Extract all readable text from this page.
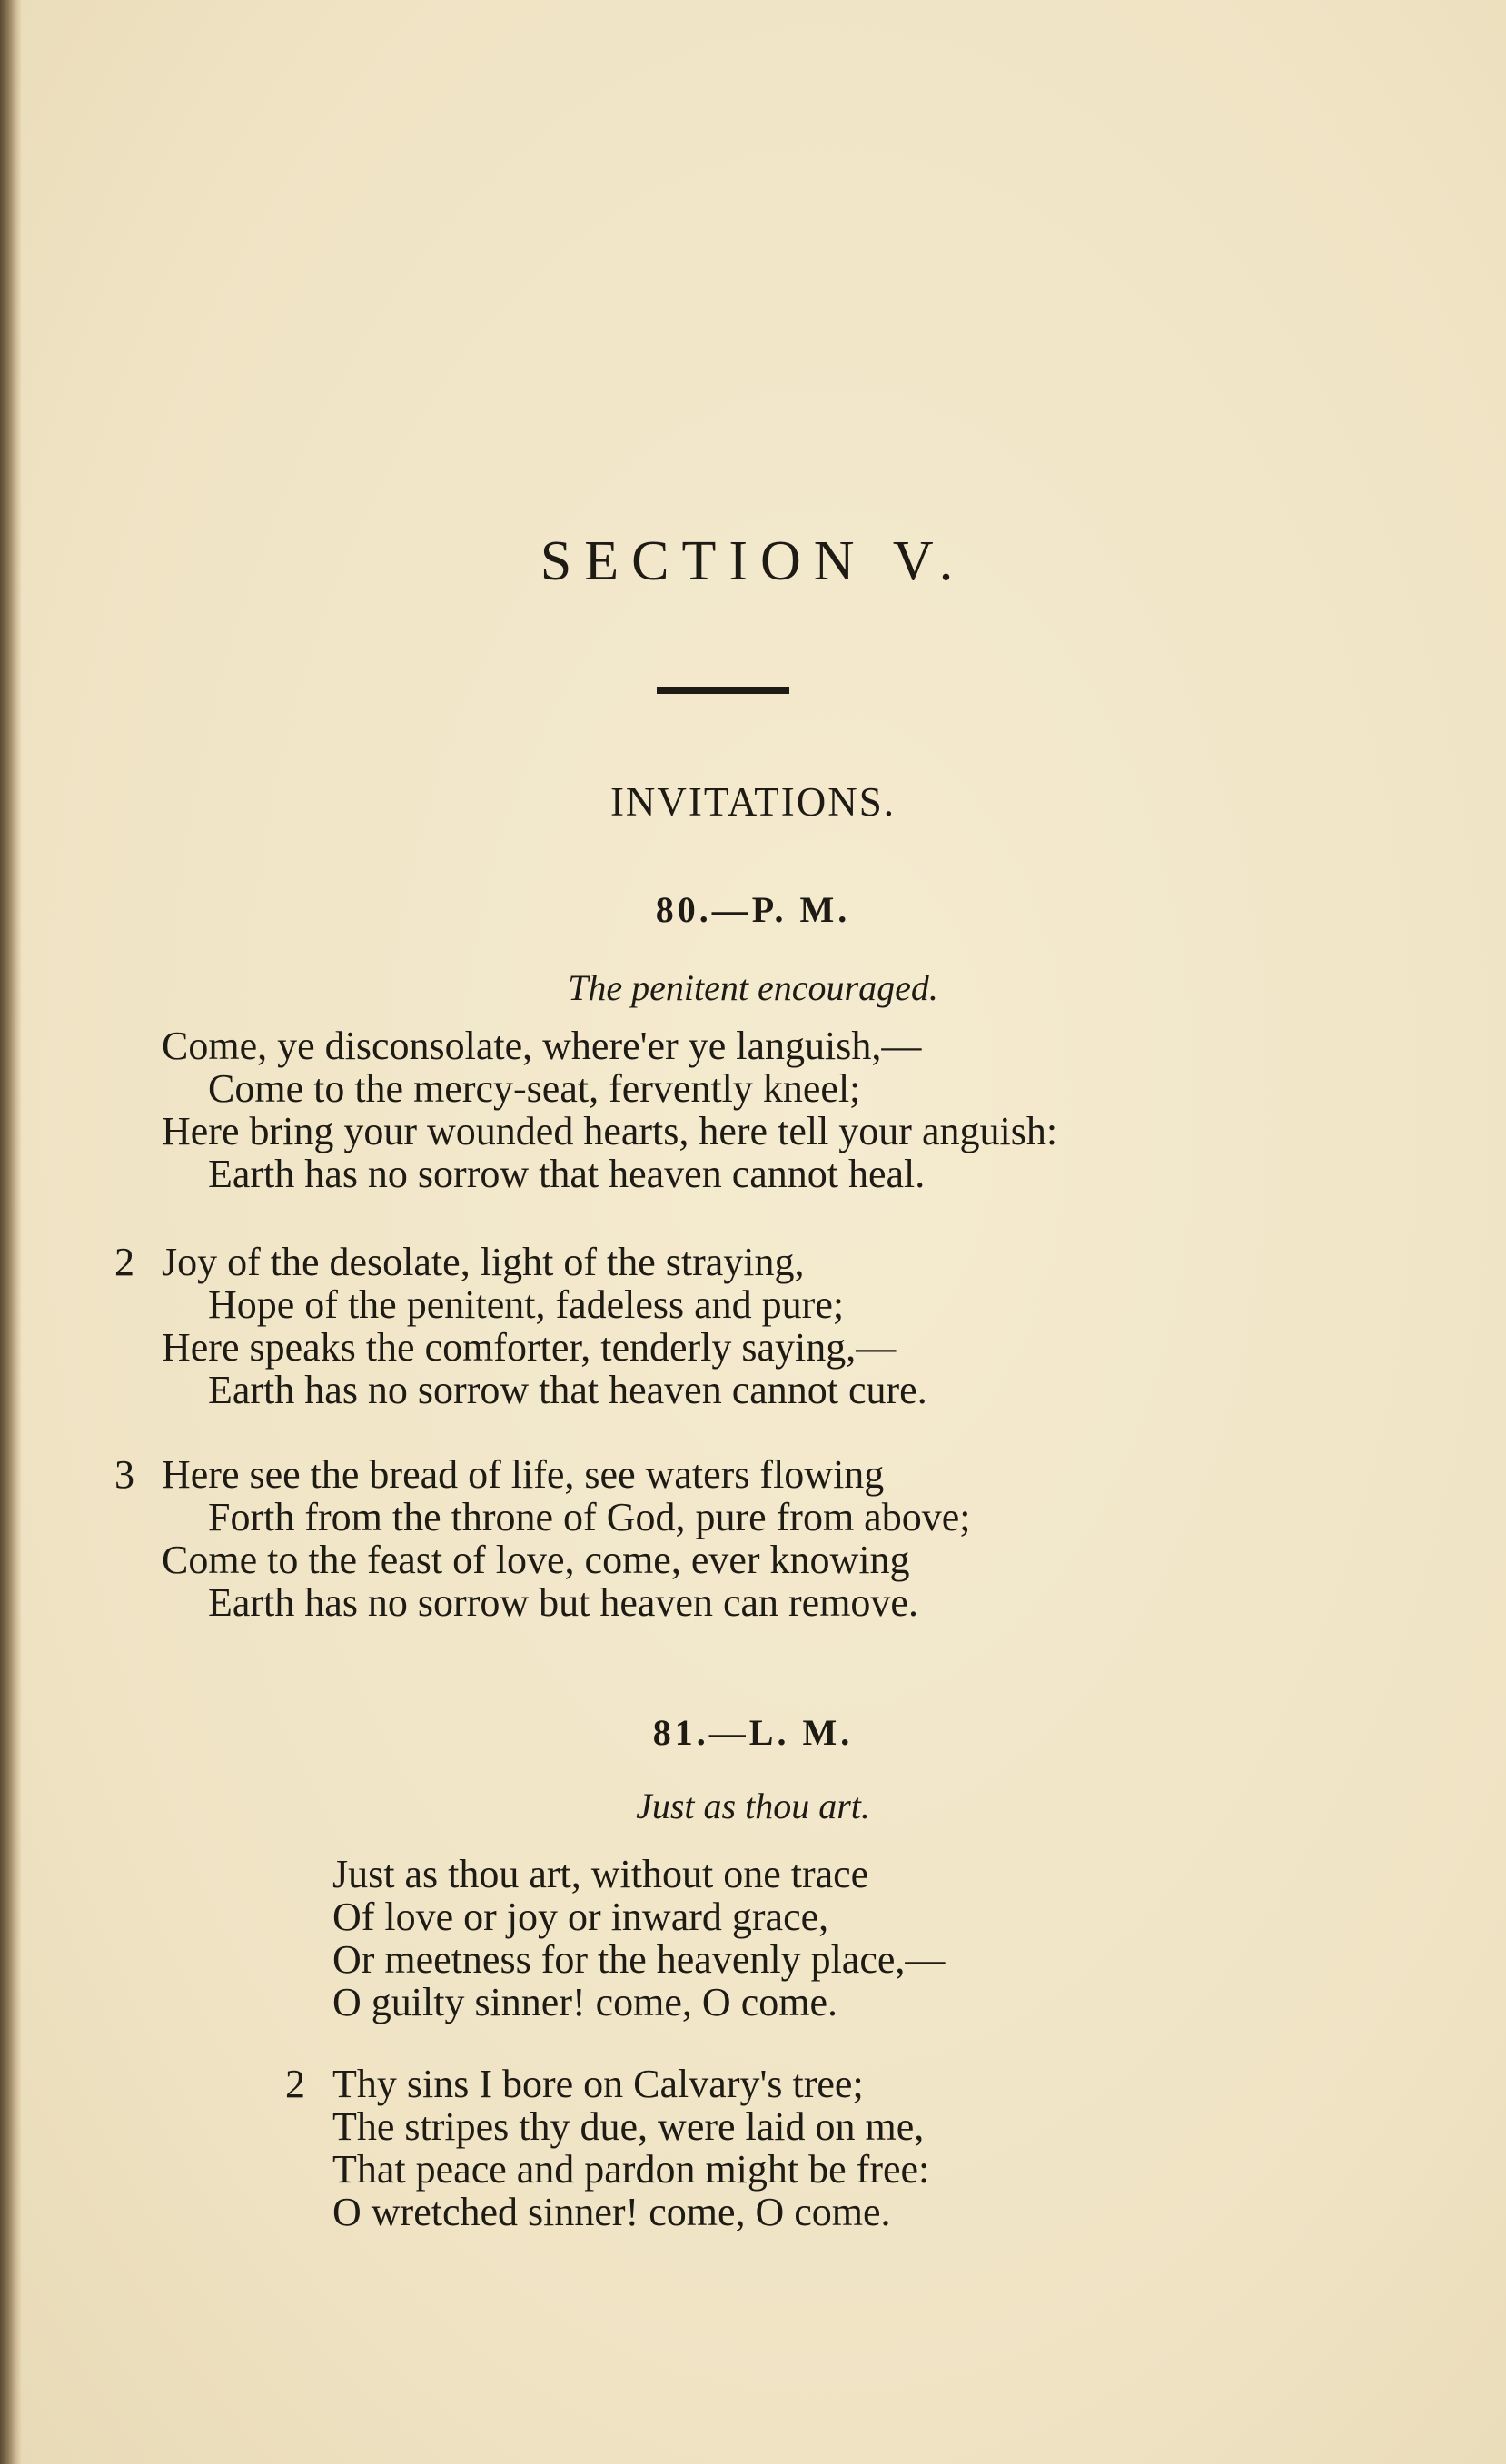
SECTION V.
INVITATIONS.
80.—P. M.
The penitent encouraged.
Come, ye disconsolate, where'er ye languish,—
Come to the mercy-seat, fervently kneel;
Here bring your wounded hearts, here tell your anguish:
Earth has no sorrow that heaven cannot heal.
2 Joy of the desolate, light of the straying,
Hope of the penitent, fadeless and pure;
Here speaks the comforter, tenderly saying,—
Earth has no sorrow that heaven cannot cure.
3 Here see the bread of life, see waters flowing
Forth from the throne of God, pure from above;
Come to the feast of love, come, ever knowing
Earth has no sorrow but heaven can remove.
81.—L. M.
Just as thou art.
Just as thou art, without one trace
Of love or joy or inward grace,
Or meetness for the heavenly place,—
O guilty sinner! come, O come.
2 Thy sins I bore on Calvary's tree;
The stripes thy due, were laid on me,
That peace and pardon might be free:
O wretched sinner! come, O come.
